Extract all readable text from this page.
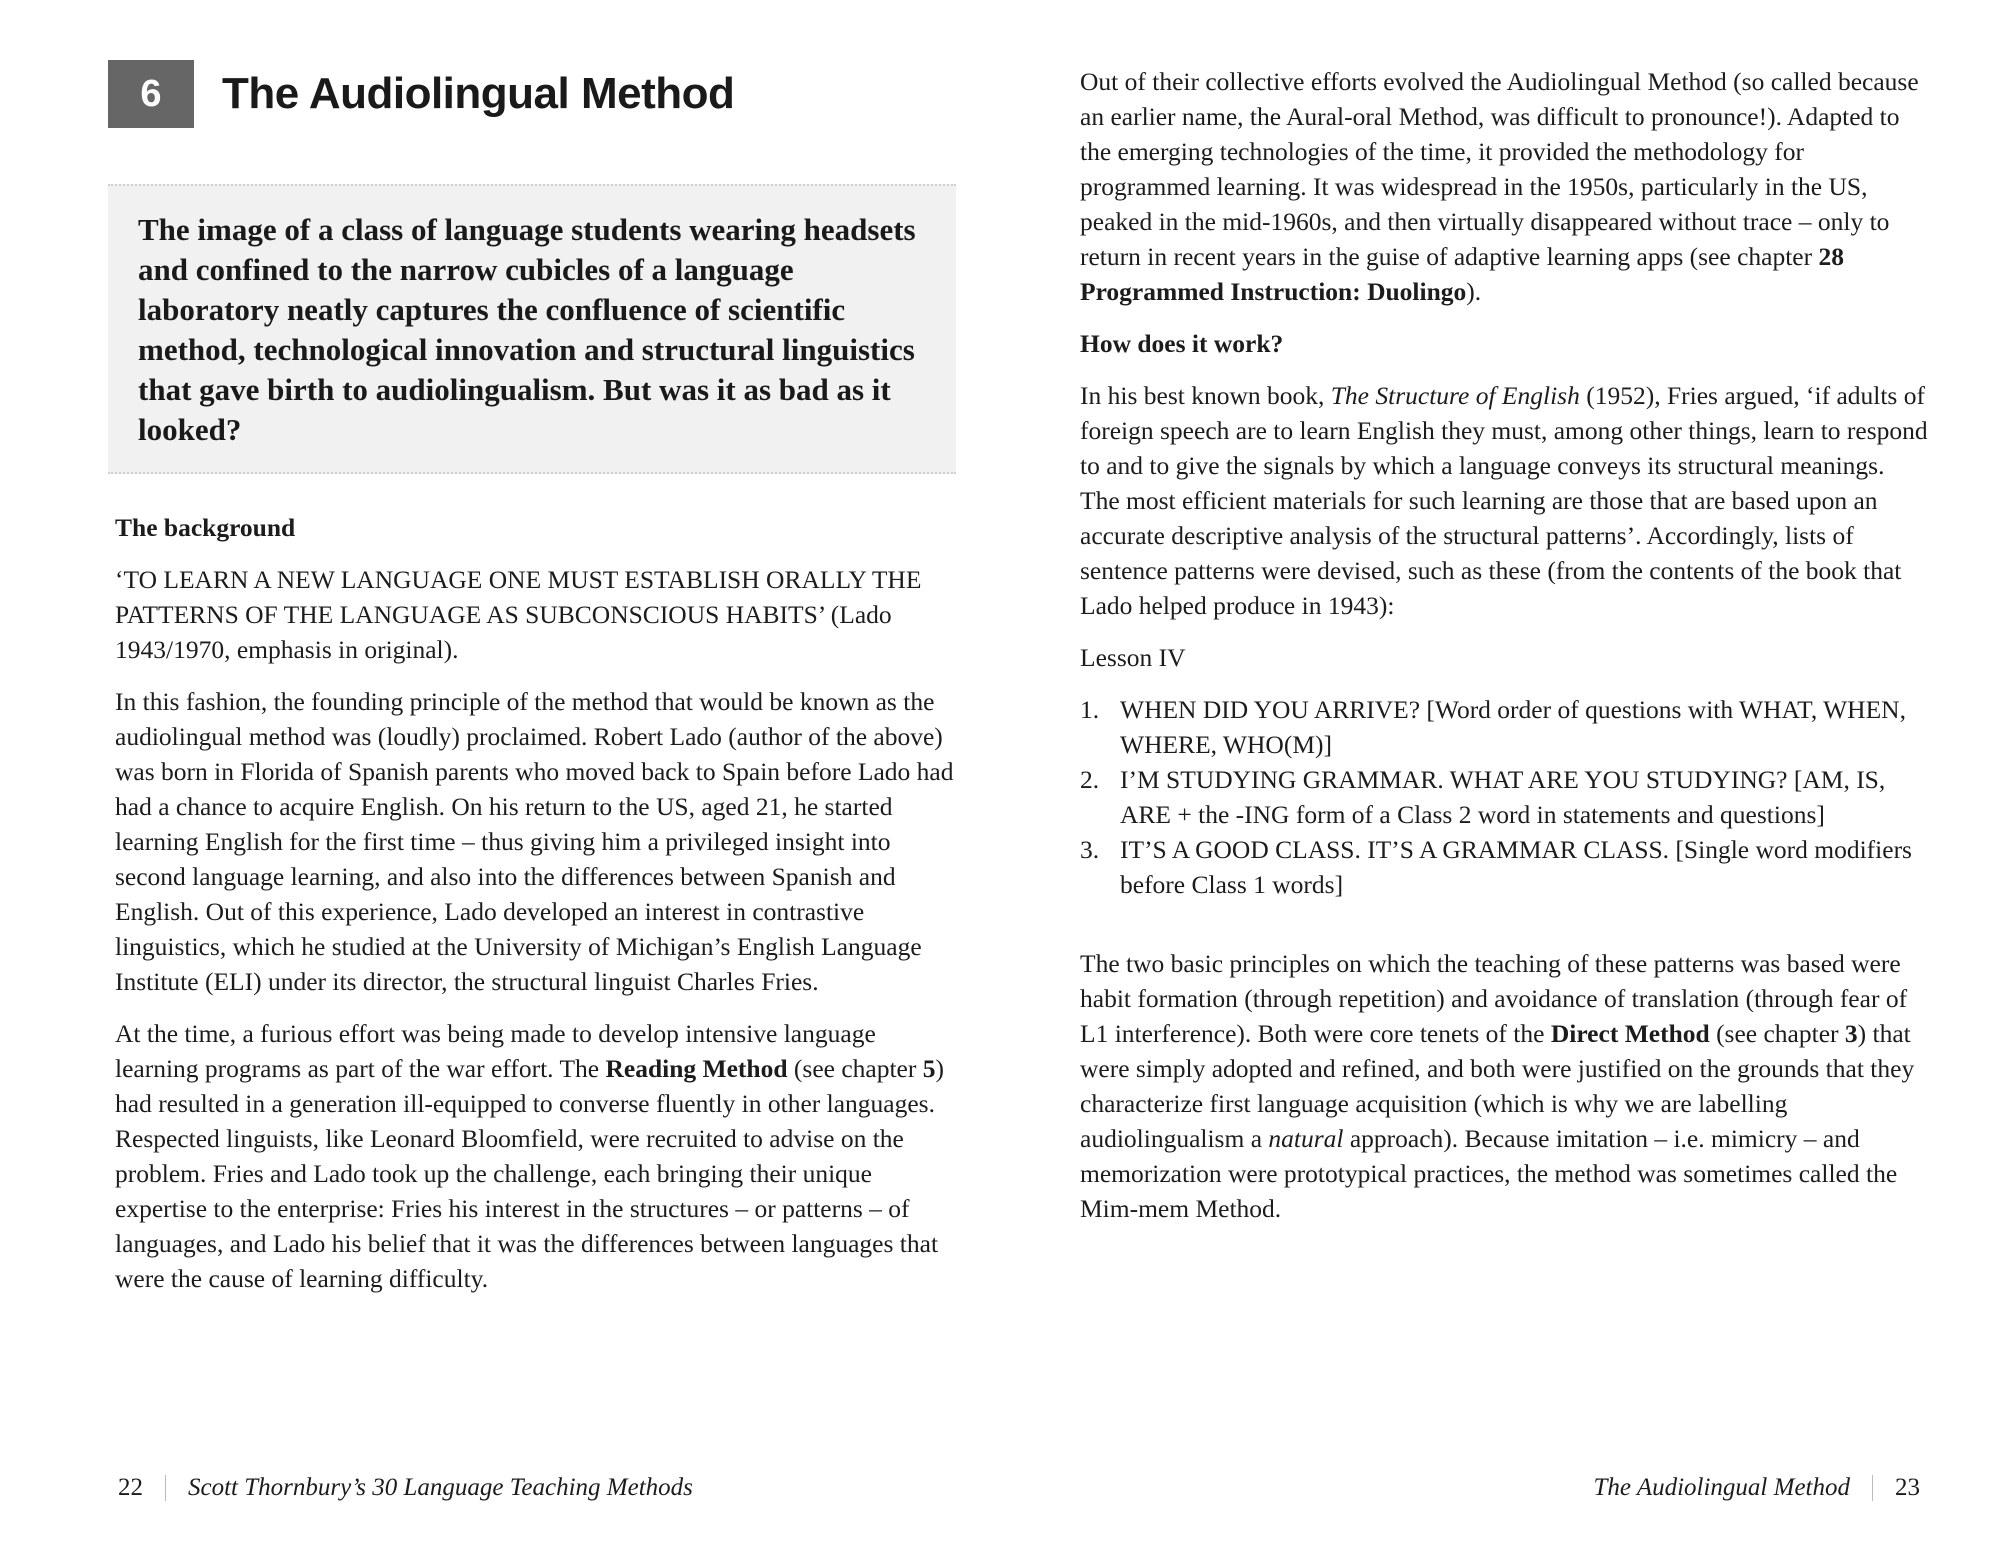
6	The Audiolingual Method

The image of a class of language students wearing headsets and confined to the narrow cubicles of a language laboratory neatly captures the confluence of scientific method, technological innovation and structural linguistics that gave birth to audiolingualism. But was it as bad as it looked?

The background

‘TO LEARN A NEW LANGUAGE ONE MUST ESTABLISH ORALLY THE PATTERNS OF THE LANGUAGE AS SUBCONSCIOUS HABITS’ (Lado 1943/1970, emphasis in original).

In this fashion, the founding principle of the method that would be known as the audiolingual method was (loudly) proclaimed. Robert Lado (author of the above) was born in Florida of Spanish parents who moved back to Spain before Lado had had a chance to acquire English. On his return to the US, aged 21, he started learning English for the first time – thus giving him a privileged insight into second language learning, and also into the differences between Spanish and English. Out of this experience, Lado developed an interest in contrastive linguistics, which he studied at the University of Michigan’s English Language Institute (ELI) under its director, the structural linguist Charles Fries.

At the time, a furious effort was being made to develop intensive language learning programs as part of the war effort. The Reading Method (see chapter 5) had resulted in a generation ill-equipped to converse fluently in other languages. Respected linguists, like Leonard Bloomfield, were recruited to advise on the problem. Fries and Lado took up the challenge, each bringing their unique expertise to the enterprise: Fries his interest in the structures – or patterns – of languages, and Lado his belief that it was the differences between languages that were the cause of learning difficulty.

22 Scott Thornbury’s 30 Language Teaching Methods

Out of their collective efforts evolved the Audiolingual Method (so called because an earlier name, the Aural-oral Method, was difficult to pronounce!). Adapted to the emerging technologies of the time, it provided the methodology for programmed learning. It was widespread in the 1950s, particularly in the US, peaked in the mid-1960s, and then virtually disappeared without trace – only to return in recent years in the guise of adaptive learning apps (see chapter 28 Programmed Instruction: Duolingo).

How does it work?

In his best known book, The Structure of English (1952), Fries argued, ‘if adults of foreign speech are to learn English they must, among other things, learn to respond to and to give the signals by which a language conveys its structural meanings. The most efficient materials for such learning are those that are based upon an accurate descriptive analysis of the structural patterns’. Accordingly, lists of sentence patterns were devised, such as these (from the contents of the book that Lado helped produce in 1943):

Lesson IV

1. WHEN DID YOU ARRIVE? [Word order of questions with WHAT, WHEN, WHERE, WHO(M)]
2. I’M STUDYING GRAMMAR. WHAT ARE YOU STUDYING? [AM, IS, ARE + the -ING form of a Class 2 word in statements and questions]
3. IT’S A GOOD CLASS. IT’S A GRAMMAR CLASS. [Single word modifiers before Class 1 words]

The two basic principles on which the teaching of these patterns was based were habit formation (through repetition) and avoidance of translation (through fear of L1 interference). Both were core tenets of the Direct Method (see chapter 3) that were simply adopted and refined, and both were justified on the grounds that they characterize first language acquisition (which is why we are labelling audiolingualism a natural approach). Because imitation – i.e. mimicry – and memorization were prototypical practices, the method was sometimes called the Mim-mem Method.

The Audiolingual Method 23
